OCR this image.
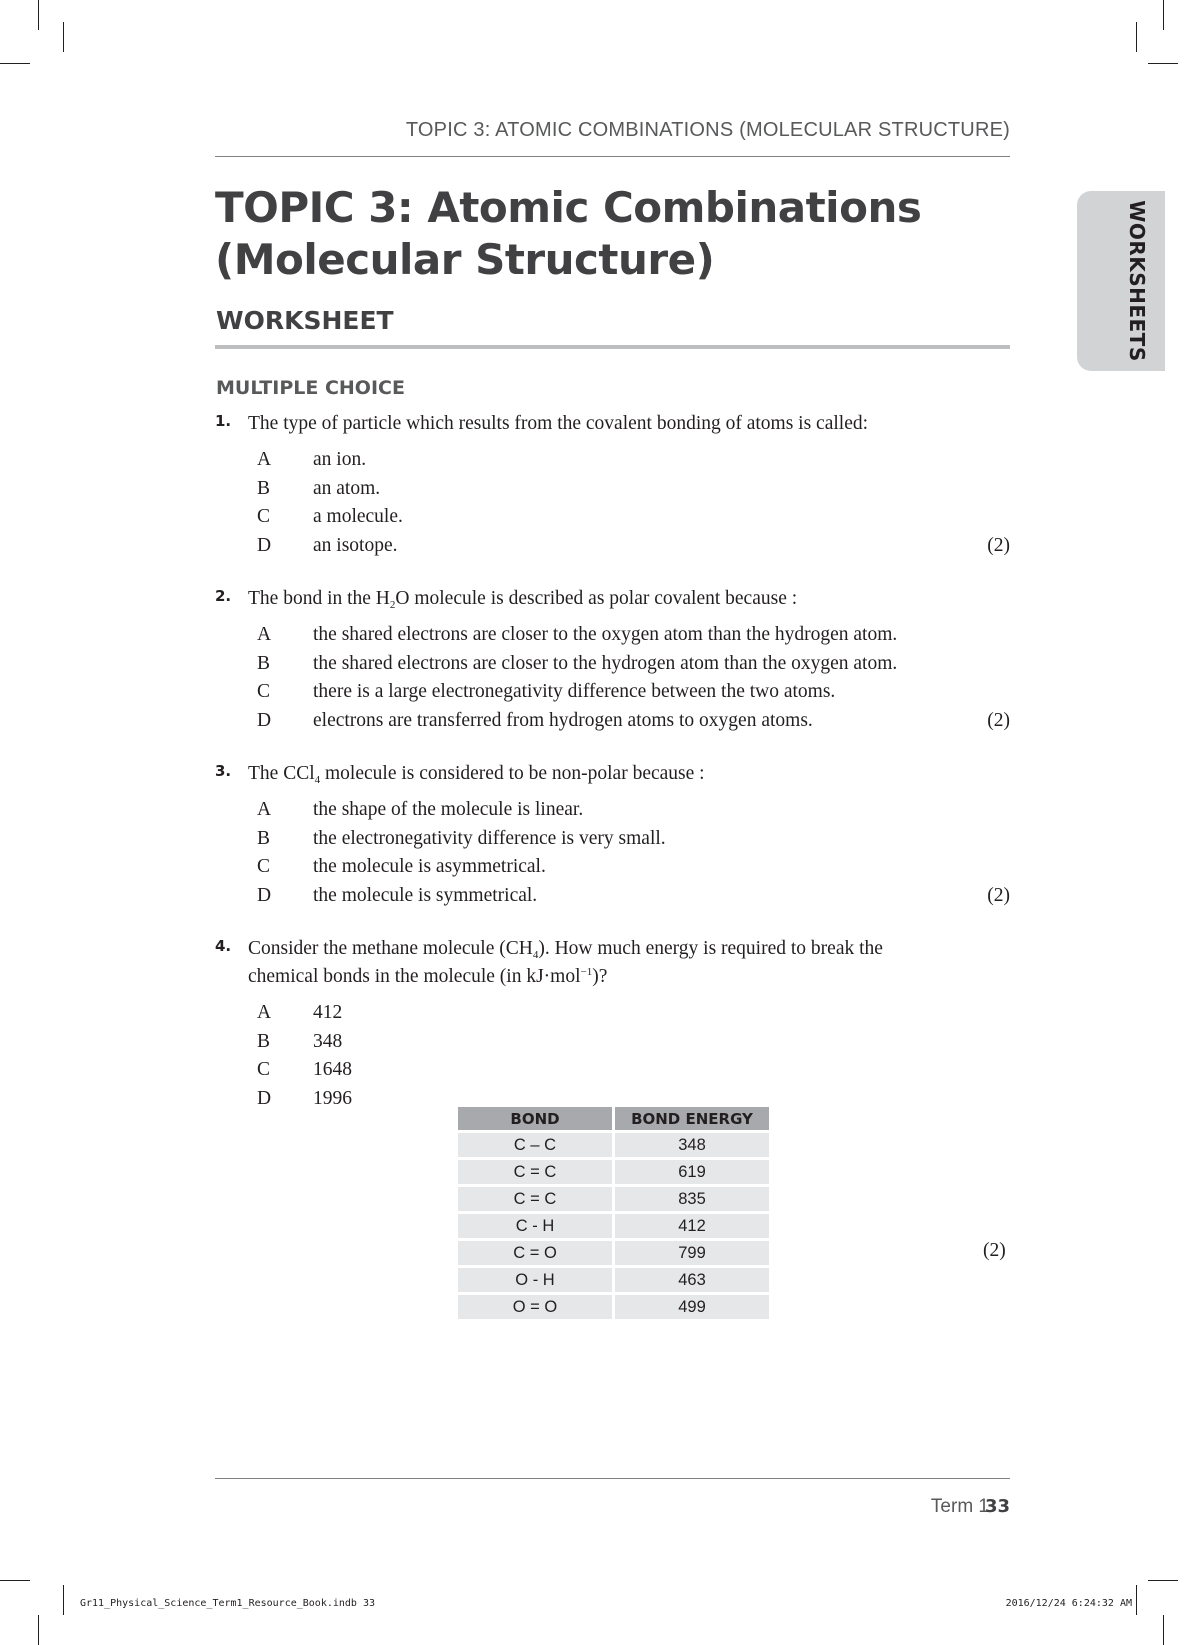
TOPIC 3: ATOMIC COMBINATIONS (MOLECULAR STRUCTURE)
WORKSHEETS
TOPIC 3: Atomic Combinations
(Molecular Structure)
WORKSHEET
MULTIPLE CHOICE
1. The type of particle which results from the covalent bonding of atoms is called:
A an ion.
B an atom.
C a molecule.
D an isotope.	(2)
2. The bond in the $H_2O$ molecule is described as polar covalent because :
A the shared electrons are closer to the oxygen atom than the hydrogen atom.
B the shared electrons are closer to the hydrogen atom than the oxygen atom.
C there is a large electronegativity difference between the two atoms.
D electrons are transferred from hydrogen atoms to oxygen atoms.	(2)
3. The CCl$_4$ molecule is considered to be non-polar because :
A the shape of the molecule is linear.
B the electronegativity difference is very small.
C the molecule is asymmetrical.
D the molecule is symmetrical.	(2)
4. Consider the methane molecule $(CH_4)$. How much energy is required to break the
chemical bonds in the molecule (in kJ·mol$^{-1}$)?
A 412
B 348
C 1648
D 1996
BOND	BOND ENERGY
C – C	348
C = C	619
C = C	835
C - H	412
C = O	799
O - H	463
O = O	499
(2)
Term 1
33
Gr11_Physical_Science_Term1_Resource_Book.indb 33	2016/12/24 6:24:32 AM
